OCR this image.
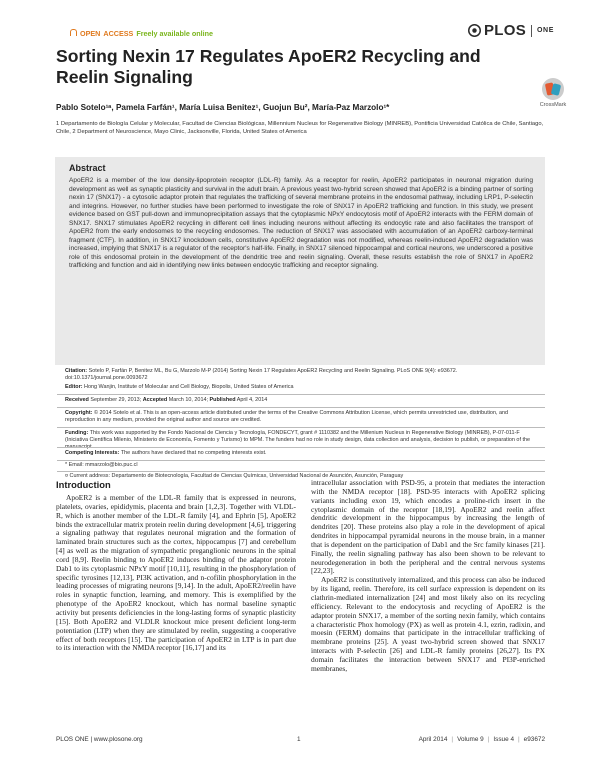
OPEN ACCESS Freely available online	PLOS ONE
Sorting Nexin 17 Regulates ApoER2 Recycling and Reelin Signaling
CrossMark
Pablo Sotelo¹ᵃ, Pamela Farfán¹, María Luisa Benitez¹, Guojun Bu², María-Paz Marzolo¹*

1 Departamento de Biología Celular y Molecular, Facultad de Ciencias Biológicas, Millennium Nucleus for Regenerative Biology (MINREB), Pontificia Universidad Católica de Chile, Santiago, Chile, 2 Department of Neuroscience, Mayo Clinic, Jacksonville, Florida, United States of America

Abstract

ApoER2 is a member of the low density-lipoprotein receptor (LDL-R) family. As a receptor for reelin, ApoER2 participates in neuronal migration during development as well as synaptic plasticity and survival in the adult brain. A previous yeast two-hybrid screen showed that ApoER2 is a binding partner of sorting nexin 17 (SNX17) - a cytosolic adaptor protein that regulates the trafficking of several membrane proteins in the endosomal pathway, including LRP1, P-selectin and integrins. However, no further studies have been performed to investigate the role of SNX17 in ApoER2 trafficking and function. In this study, we present evidence based on GST pull-down and immunoprecipitation assays that the cytoplasmic NPxY endocytosis motif of ApoER2 interacts with the FERM domain of SNX17. SNX17 stimulates ApoER2 recycling in different cell lines including neurons without affecting its endocytic rate and also facilitates the transport of ApoER2 from the early endosomes to the recycling endosomes. The reduction of SNX17 was associated with accumulation of an ApoER2 carboxy-terminal fragment (CTF). In addition, in SNX17 knockdown cells, constitutive ApoER2 degradation was not modified, whereas reelin-induced ApoER2 degradation was increased, implying that SNX17 is a regulator of the receptor's half-life. Finally, in SNX17 silenced hippocampal and cortical neurons, we underscored a positive role of this endosomal protein in the development of the dendritic tree and reelin signaling. Overall, these results establish the role of SNX17 in ApoER2 trafficking and function and aid in identifying new links between endocytic trafficking and receptor signaling.

Citation: Sotelo P, Farfán P, Benitez ML, Bu G, Marzolo M-P (2014) Sorting Nexin 17 Regulates ApoER2 Recycling and Reelin Signaling. PLoS ONE 9(4): e93672. doi:10.1371/journal.pone.0093672

Editor: Hong Wanjin, Institute of Molecular and Cell Biology, Biopolis, United States of America

Received September 29, 2013; Accepted March 10, 2014; Published April 4, 2014

Copyright: © 2014 Sotelo et al. This is an open-access article distributed under the terms of the Creative Commons Attribution License, which permits unrestricted use, distribution, and reproduction in any medium, provided the original author and source are credited.

Funding: This work was supported by the Fondo Nacional de Ciencia y Tecnología, FONDECYT, grant # 1110382 and the Millenium Nucleus in Regenerative Biology (MINREB), P-07-011-F (Iniciativa Científica Milenio, Ministerio de Economía, Fomento y Turismo) to MPM. The funders had no role in study design, data collection and analysis, decision to publish, or preparation of the manuscript.

Competing Interests: The authors have declared that no competing interests exist.

* Email: mmarzolo@bio.puc.cl

¤ Current address: Departamento de Biotecnología, Facultad de Ciencias Químicas, Universidad Nacional de Asunción, Asunción, Paraguay

Introduction

ApoER2 is a member of the LDL-R family that is expressed in neurons, platelets, ovaries, epididymis, placenta and brain [1,2,3]. Together with VLDL-R, which is another member of the LDL-R family [4], and Ephrin [5], ApoER2 binds the extracellular matrix protein reelin during development [4,6], triggering a signaling pathway that regulates neuronal migration and the formation of laminated brain structures such as the cortex, hippocampus [7] and cerebellum [4] as well as the migration of sympathetic preganglionic neurons in the spinal cord [8,9]. Reelin binding to ApoER2 induces binding of the adaptor protein Dab1 to its cytoplasmic NPxY motif [10,11], resulting in the phosphorylation of specific tyrosines [12,13], PI3K activation, and n-cofilin phosphorylation in the leading processes of migrating neurons [9,14]. In the adult, ApoER2/reelin have roles in synaptic function, learning, and memory. This is exemplified by the phenotype of the ApoER2 knockout, which has normal baseline synaptic activity but presents deficiencies in the long-lasting forms of synaptic plasticity [15]. Both ApoER2 and VLDLR knockout mice present deficient long-term potentiation (LTP) when they are stimulated by reelin, suggesting a cooperative effect of both receptors [15]. The participation of ApoER2 in LTP is in part due to its interaction with the NMDA receptor [16,17] and its

intracellular association with PSD-95, a protein that mediates the interaction with the NMDA receptor [18]. PSD-95 interacts with ApoER2 splicing variants including exon 19, which encodes a proline-rich insert in the cytoplasmic domain of the receptor [18,19]. ApoER2 and reelin affect dendritic development in the hippocampus by increasing the length of dendrites [20]. These proteins also play a role in the development of apical dendrites in hippocampal pyramidal neurons in the mouse brain, in a manner that is dependent on the participation of Dab1 and the Src family kinases [21]. Finally, the reelin signaling pathway has also been shown to be relevant to neurodegeneration in both the peripheral and the central nervous systems [22,23].

ApoER2 is constitutively internalized, and this process can also be induced by its ligand, reelin. Therefore, its cell surface expression is dependent on its clathrin-mediated internalization [24] and most likely also on its recycling efficiency. Relevant to the endocytosis and recycling of ApoER2 is the adaptor protein SNX17, a member of the sorting nexin family, which contains a characteristic Phox homology (PX) as well as protein 4.1, ezrin, radixin, and moesin (FERM) domains that participate in the intracellular trafficking of membrane proteins [25]. A yeast two-hybrid screen showed that SNX17 interacts with P-selectin [26] and LDL-R family proteins [26,27]. Its PX domain facilitates the interaction between SNX17 and PI3P-enriched membranes,

PLOS ONE | www.plosone.org	1	April 2014 | Volume 9 | Issue 4 | e93672
